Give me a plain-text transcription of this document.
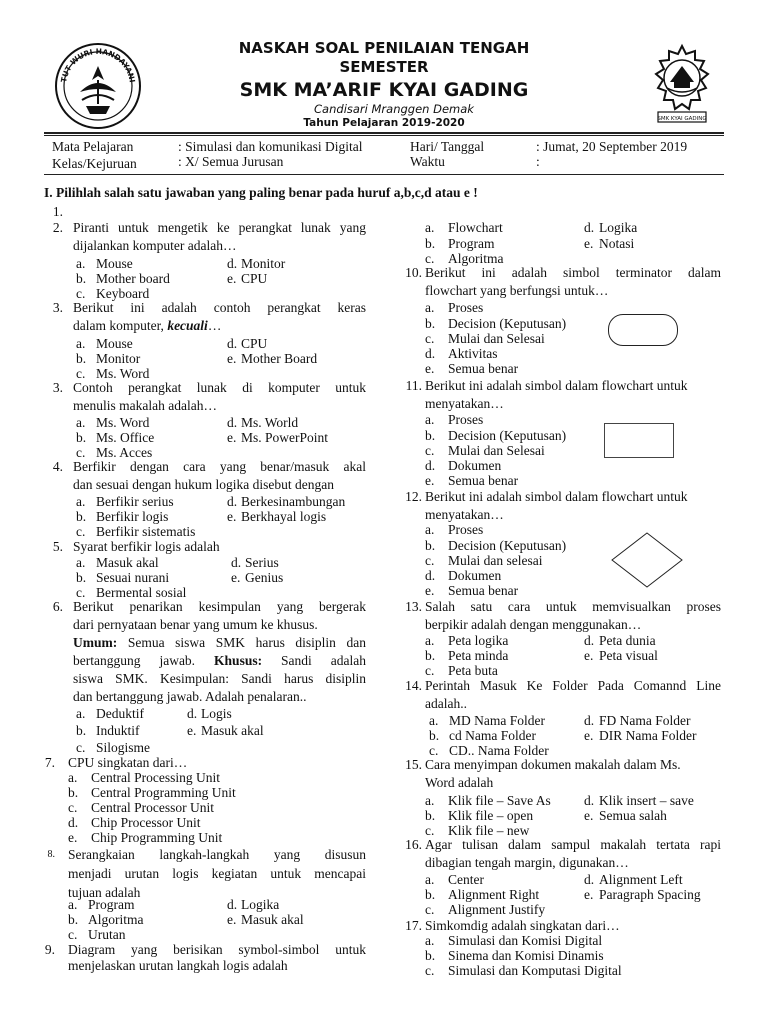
TUT WURI HANDAYANI
SMK KYAI GADING
NASKAH SOAL PENILAIAN TENGAH
SEMESTER
SMK MA’ARIF KYAI GADING
Candisari Mranggen Demak
Tahun Pelajaran 2019-2020
Mata Pelajaran	: Simulasi dan komunikasi Digital	Hari/ Tanggal	: Jumat, 20 September 2019
Kelas/Kejuruan	: X/ Semua Jurusan	Waktu	:
I. Pilihlah salah satu jawaban yang paling benar pada huruf a,b,c,d atau e !
1.
2. Piranti untuk mengetik ke perangkat lunak yang
dijalankan komputer adalah…
a. Mouse	d. Monitor
b. Mother board	e. CPU
c. Keyboard
3. Berikut ini adalah contoh perangkat keras
dalam komputer, kecuali…
a. Mouse	d. CPU
b. Monitor	e. Mother Board
c. Ms. Word
3. Contoh perangkat lunak di komputer untuk
menulis makalah adalah…
a. Ms. Word	d. Ms. World
b. Ms. Office	e. Ms. PowerPoint
c. Ms. Acces
4. Berfikir dengan cara yang benar/masuk akal
dan sesuai dengan hukum logika disebut dengan
a. Berfikir serius	d. Berkesinambungan
b. Berfikir logis	e. Berkhayal logis
c. Berfikir sistematis
5. Syarat berfikir logis adalah
a. Masuk akal	d. Serius
b. Sesuai nurani	e. Genius
c. Bermental sosial
6. Berikut penarikan kesimpulan yang bergerak
dari pernyataan benar yang umum ke khusus.
Umum: Semua siswa SMK harus disiplin dan
bertanggung jawab. Khusus: Sandi adalah
siswa SMK. Kesimpulan: Sandi harus disiplin
dan bertanggung jawab. Adalah penalaran..
a. Deduktif	d. Logis
b. Induktif	e. Masuk akal
c. Silogisme
7. CPU singkatan dari…
a. Central Processing Unit
b. Central Programming Unit
c. Central Processor Unit
d. Chip Processor Unit
e. Chip Programming Unit
8. Serangkaian langkah-langkah yang disusun
menjadi urutan logis kegiatan untuk mencapai
tujuan adalah
a. Program	d. Logika
b. Algoritma	e. Masuk akal
c. Urutan
9. Diagram yang berisikan symbol-simbol untuk
menjelaskan urutan langkah logis adalah
a. Flowchart	d. Logika
b. Program	e. Notasi
c. Algoritma
10. Berikut ini adalah simbol terminator dalam
flowchart yang berfungsi untuk…
a. Proses
b. Decision (Keputusan)
c. Mulai dan Selesai
d. Aktivitas
e. Semua benar
11. Berikut ini adalah simbol dalam flowchart untuk
menyatakan…
a. Proses
b. Decision (Keputusan)
c. Mulai dan Selesai
d. Dokumen
e. Semua benar
12. Berikut ini adalah simbol dalam flowchart untuk
menyatakan…
a. Proses
b. Decision (Keputusan)
c. Mulai dan selesai
d. Dokumen
e. Semua benar
13. Salah satu cara untuk memvisualkan proses
berpikir adalah dengan menggunakan…
a. Peta logika	d. Peta dunia
b. Peta minda	e. Peta visual
c. Peta buta
14. Perintah Masuk Ke Folder Pada Comannd Line
adalah..
a. MD Nama Folder	d. FD Nama Folder
b. cd Nama Folder	e. DIR Nama Folder
c. CD.. Nama Folder
15. Cara menyimpan dokumen makalah dalam Ms.
Word adalah
a. Klik file – Save As d. Klik insert – save
b. Klik file – open	e. Semua salah
c. Klik file – new
16. Agar tulisan dalam sampul makalah tertata rapi
dibagian tengah margin, digunakan…
a. Center	d. Alignment Left
b. Alignment Right	e. Paragraph Spacing
c. Alignment Justify
17. Simkomdig adalah singkatan dari…
a. Simulasi dan Komisi Digital
b. Sinema dan Komisi Dinamis
c. Simulasi dan Komputasi Digital
